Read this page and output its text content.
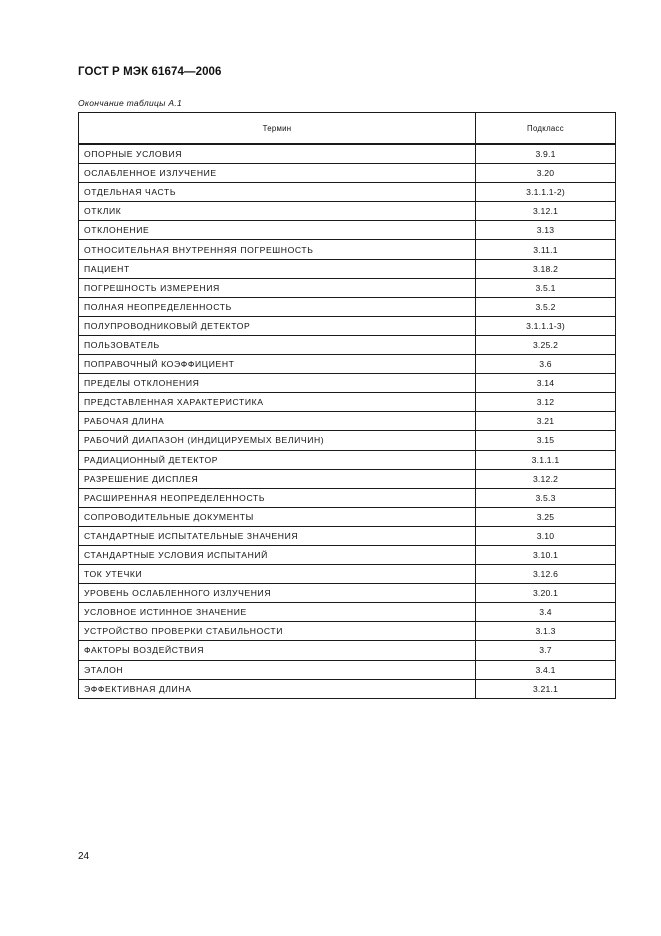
ГОСТ Р МЭК 61674—2006
Окончание таблицы А.1
Термин	Подкласс
ОПОРНЫЕ УСЛОВИЯ	3.9.1
ОСЛАБЛЕННОЕ ИЗЛУЧЕНИЕ	3.20
ОТДЕЛЬНАЯ ЧАСТЬ	3.1.1.1-2)
ОТКЛИК	3.12.1
ОТКЛОНЕНИЕ	3.13
ОТНОСИТЕЛЬНАЯ ВНУТРЕННЯЯ ПОГРЕШНОСТЬ	3.11.1
ПАЦИЕНТ	3.18.2
ПОГРЕШНОСТЬ ИЗМЕРЕНИЯ	3.5.1
ПОЛНАЯ НЕОПРЕДЕЛЕННОСТЬ	3.5.2
ПОЛУПРОВОДНИКОВЫЙ ДЕТЕКТОР	3.1.1.1-3)
ПОЛЬЗОВАТЕЛЬ	3.25.2
ПОПРАВОЧНЫЙ КОЭФФИЦИЕНТ	3.6
ПРЕДЕЛЫ ОТКЛОНЕНИЯ	3.14
ПРЕДСТАВЛЕННАЯ ХАРАКТЕРИСТИКА	3.12
РАБОЧАЯ ДЛИНА	3.21
РАБОЧИЙ ДИАПАЗОН (ИНДИЦИРУЕМЫХ ВЕЛИЧИН)	3.15
РАДИАЦИОННЫЙ ДЕТЕКТОР	3.1.1.1
РАЗРЕШЕНИЕ ДИСПЛЕЯ	3.12.2
РАСШИРЕННАЯ НЕОПРЕДЕЛЕННОСТЬ	3.5.3
СОПРОВОДИТЕЛЬНЫЕ ДОКУМЕНТЫ	3.25
СТАНДАРТНЫЕ ИСПЫТАТЕЛЬНЫЕ ЗНАЧЕНИЯ	3.10
СТАНДАРТНЫЕ УСЛОВИЯ ИСПЫТАНИЙ	3.10.1
ТОК УТЕЧКИ	3.12.6
УРОВЕНЬ ОСЛАБЛЕННОГО ИЗЛУЧЕНИЯ	3.20.1
УСЛОВНОЕ ИСТИННОЕ ЗНАЧЕНИЕ	3.4
УСТРОЙСТВО ПРОВЕРКИ СТАБИЛЬНОСТИ	3.1.3
ФАКТОРЫ ВОЗДЕЙСТВИЯ	3.7
ЭТАЛОН	3.4.1
ЭФФЕКТИВНАЯ ДЛИНА	3.21.1
24
